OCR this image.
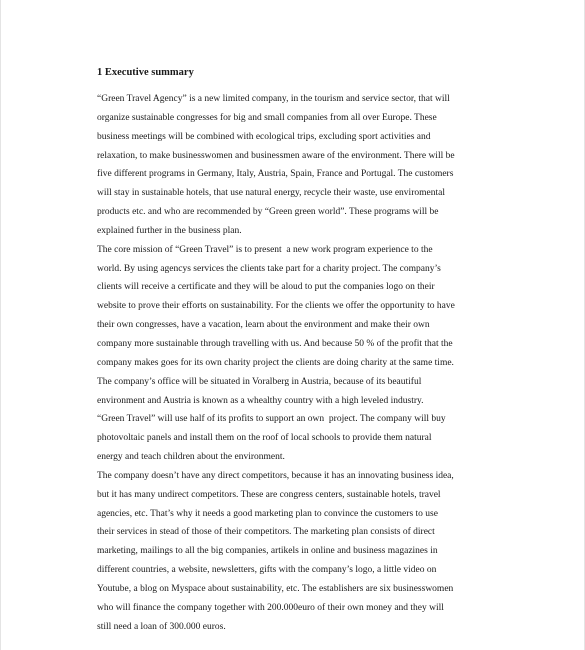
1 Executive summary
“Green Travel Agency” is a new limited company, in the tourism and service sector, that will
organize sustainable congresses for big and small companies from all over Europe. These
business meetings will be combined with ecological trips, excluding sport activities and
relaxation, to make businesswomen and businessmen aware of the environment. There will be
five different programs in Germany, Italy, Austria, Spain, France and Portugal. The customers
will stay in sustainable hotels, that use natural energy, recycle their waste, use enviromental
products etc. and who are recommended by “Green green world”. These programs will be
explained further in the business plan.
The core mission of “Green Travel” is to present  a new work program experience to the
world. By using agencys services the clients take part for a charity project. The company’s
clients will receive a certificate and they will be aloud to put the companies logo on their
website to prove their efforts on sustainability. For the clients we offer the opportunity to have
their own congresses, have a vacation, learn about the environment and make their own
company more sustainable through travelling with us. And because 50 % of the profit that the
company makes goes for its own charity project the clients are doing charity at the same time.
The company’s office will be situated in Voralberg in Austria, because of its beautiful
environment and Austria is known as a whealthy country with a high leveled industry.
“Green Travel” will use half of its profits to support an own  project. The company will buy
photovoltaic panels and install them on the roof of local schools to provide them natural
energy and teach children about the environment.
The company doesn’t have any direct competitors, because it has an innovating business idea,
but it has many undirect competitors. These are congress centers, sustainable hotels, travel
agencies, etc. That’s why it needs a good marketing plan to convince the customers to use
their services in stead of those of their competitors. The marketing plan consists of direct
marketing, mailings to all the big companies, artikels in online and business magazines in
different countries, a website, newsletters, gifts with the company’s logo, a little video on
Youtube, a blog on Myspace about sustainability, etc. The establishers are six businesswomen
who will finance the company together with 200.000euro of their own money and they will
still need a loan of 300.000 euros.
